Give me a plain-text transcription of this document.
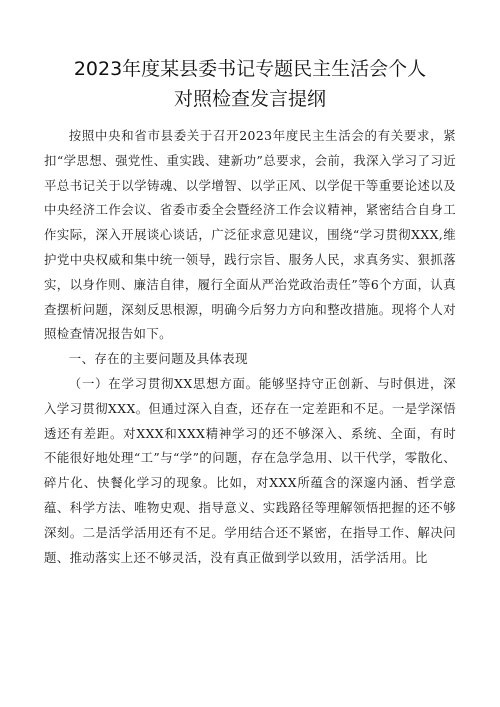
2023年度某县委书记专题民主生活会个人
对照检查发言提纲

按照中央和省市县委关于召开2023年度民主生活会的有关要求，紧扣“学思想、强党性、重实践、建新功”总要求，会前，我深入学习了习近平总书记关于以学铸魂、以学增智、以学正风、以学促干等重要论述以及中央经济工作会议、省委市委全会暨经济工作会议精神，紧密结合自身工作实际，深入开展谈心谈话，广泛征求意见建议，围绕“学习贯彻XXX,维护党中央权威和集中统一领导，践行宗旨、服务人民，求真务实、狠抓落实，以身作则、廉洁自律，履行全面从严治党政治责任”等6个方面，认真查摆析问题，深刻反思根源，明确今后努力方向和整改措施。现将个人对照检查情况报告如下。

一、存在的主要问题及具体表现

（一）在学习贯彻XX思想方面。能够坚持守正创新、与时俱进，深入学习贯彻XXX。但通过深入自查，还存在一定差距和不足。一是学深悟透还有差距。对XXX和XXX精神学习的还不够深入、系统、全面，有时不能很好地处理“工”与“学”的问题，存在急学急用、以干代学，零散化、碎片化、快餐化学习的现象。比如，对XXX所蕴含的深邃内涵、哲学意蕴、科学方法、唯物史观、指导意义、实践路径等理解领悟把握的还不够深刻。二是活学活用还有不足。学用结合还不紧密，在指导工作、解决问题、推动落实上还不够灵活，没有真正做到学以致用，活学活用。比
